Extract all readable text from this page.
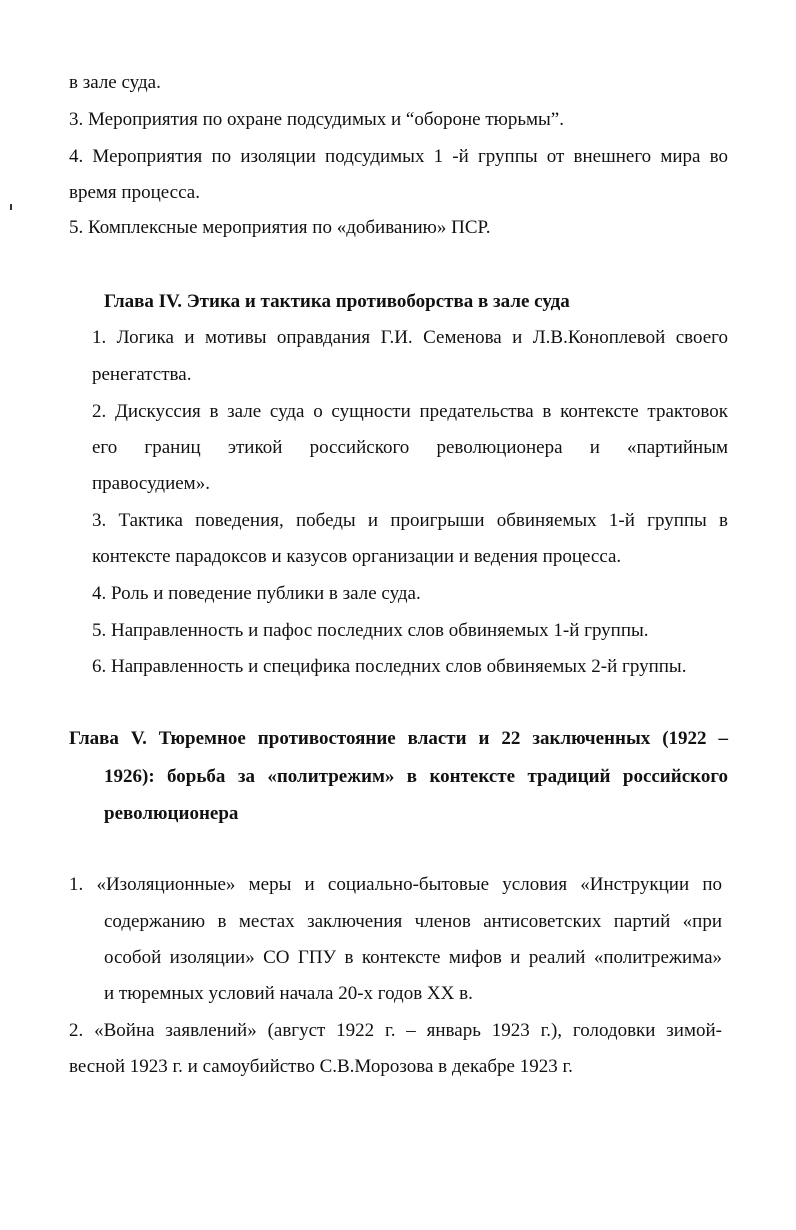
в зале суда.

3. Мероприятия по охране подсудимых и “обороне тюрьмы”.

4. Мероприятия по изоляции подсудимых 1 -й группы от внешнего мира во

время процесса.

5. Комплексные мероприятия по «добиванию» ПСР.

Глава IV. Этика и тактика противоборства в зале суда

1. Логика и мотивы оправдания Г.И. Семенова и Л.В.Коноплевой своего

ренегатства.

2. Дискуссия в зале суда о сущности предательства в контексте трактовок

его границ этикой российского революционера и «партийным

правосудием».

3. Тактика поведения, победы и проигрыши обвиняемых 1-й группы в

контексте парадоксов и казусов организации и ведения процесса.

4. Роль и поведение публики в зале суда.

5. Направленность и пафос последних слов обвиняемых 1-й группы.

6. Направленность и специфика последних слов обвиняемых 2-й группы.

Глава V. Тюремное противостояние власти и 22 заключенных (1922 –

1926): борьба за «политрежим» в контексте традиций российского

революционера

1. «Изоляционные» меры и социально-бытовые условия «Инструкции по

содержанию в местах заключения членов антисоветских партий «при

особой изоляции» СО ГПУ в контексте мифов и реалий «политрежима»

и тюремных условий начала 20-х годов XX в.

2. «Война заявлений» (август 1922 г. – январь 1923 г.), голодовки зимой-

весной 1923 г. и самоубийство С.В.Морозова в декабре 1923 г.
